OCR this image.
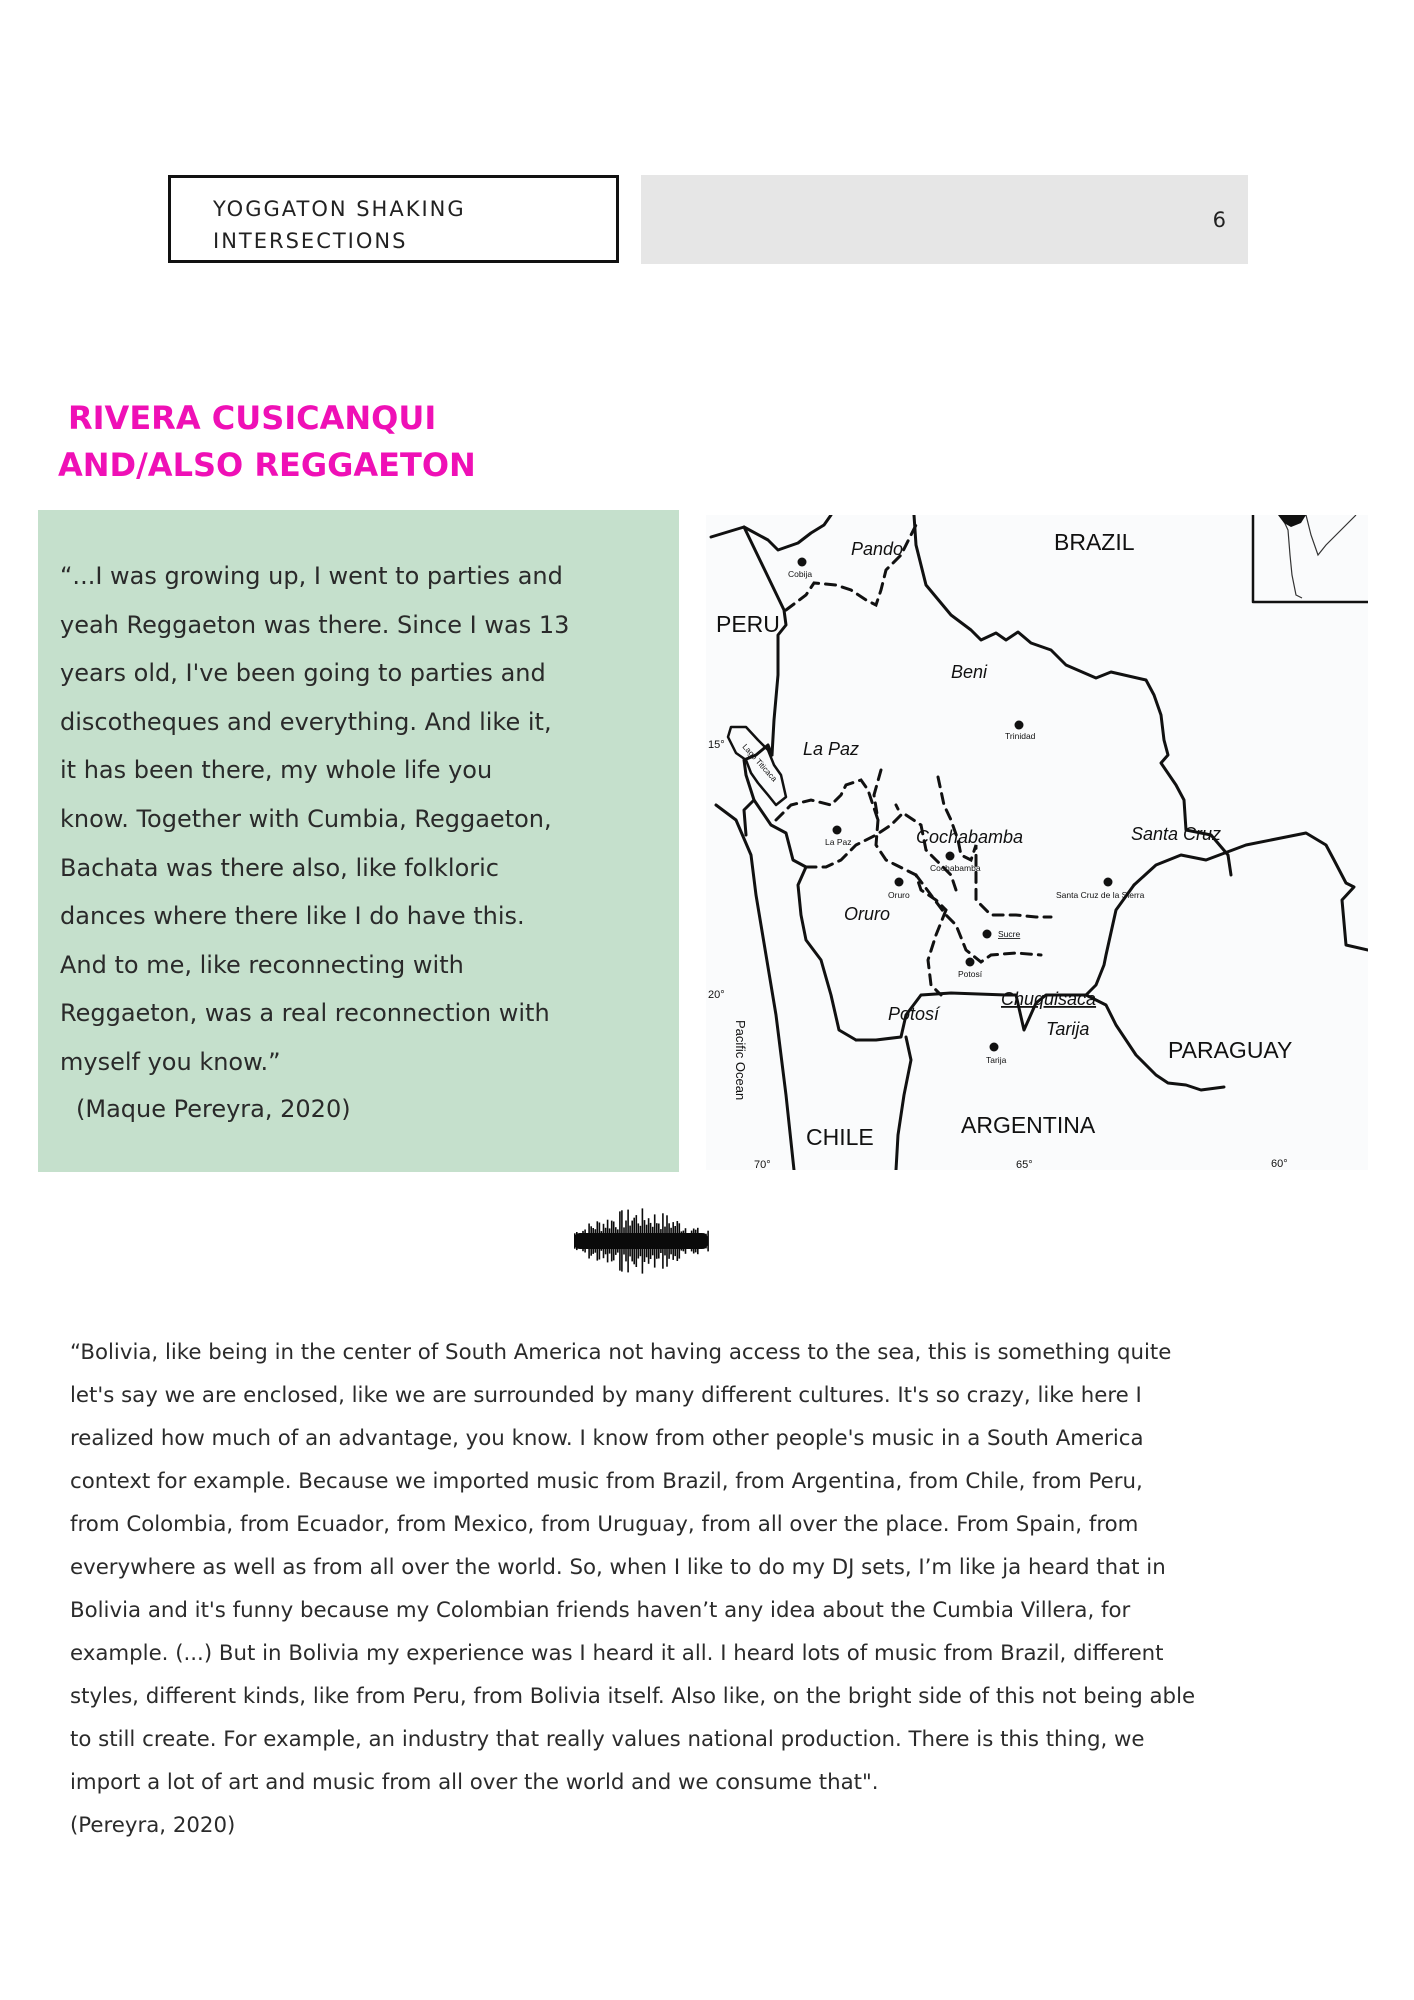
YOGGATON SHAKING
INTERSECTIONS
6
RIVERA CUSICANQUI
AND/ALSO REGGAETON

“...I was growing up, I went to parties and
yeah Reggaeton was there. Since I was 13
years old, I've been going to parties and
discotheques and everything. And like it,
it has been there, my whole life you
know. Together with Cumbia, Reggaeton,
Bachata was there also, like folkloric
dances where there like I do have this.
And to me, like reconnecting with
Reggaeton, was a real reconnection with
myself you know.”

(Maque Pereyra, 2020)
BRAZIL
PERU
PARAGUAY
CHILE	ARGENTINA
Pando
Beni
La Paz
Santa Cruz
Cochabamba
Oruro
Potosí
Chuquisaca
Tarija
Cobija
Trinidad
La Paz
Cochabamba
Oruro	Santa Cruz de la Sierra
Sucre
Potosí
Tarija
Lago Titicaca
Pacific Ocean
15°
20°
70°	65°	60°
“Bolivia, like being in the center of South America not having access to the sea, this is something quite
let's say we are enclosed, like we are surrounded by many different cultures. It's so crazy, like here I
realized how much of an advantage, you know. I know from other people's music in a South America
context for example. Because we imported music from Brazil, from Argentina, from Chile, from Peru,
from Colombia, from Ecuador, from Mexico, from Uruguay, from all over the place. From Spain, from
everywhere as well as from all over the world. So, when I like to do my DJ sets, I’m like ja heard that in
Bolivia and it's funny because my Colombian friends haven’t any idea about the Cumbia Villera, for
example. (...) But in Bolivia my experience was I heard it all. I heard lots of music from Brazil, different
styles, different kinds, like from Peru, from Bolivia itself. Also like, on the bright side of this not being able
to still create. For example, an industry that really values national production. There is this thing, we
import a lot of art and music from all over the world and we consume that".
(Pereyra, 2020)
